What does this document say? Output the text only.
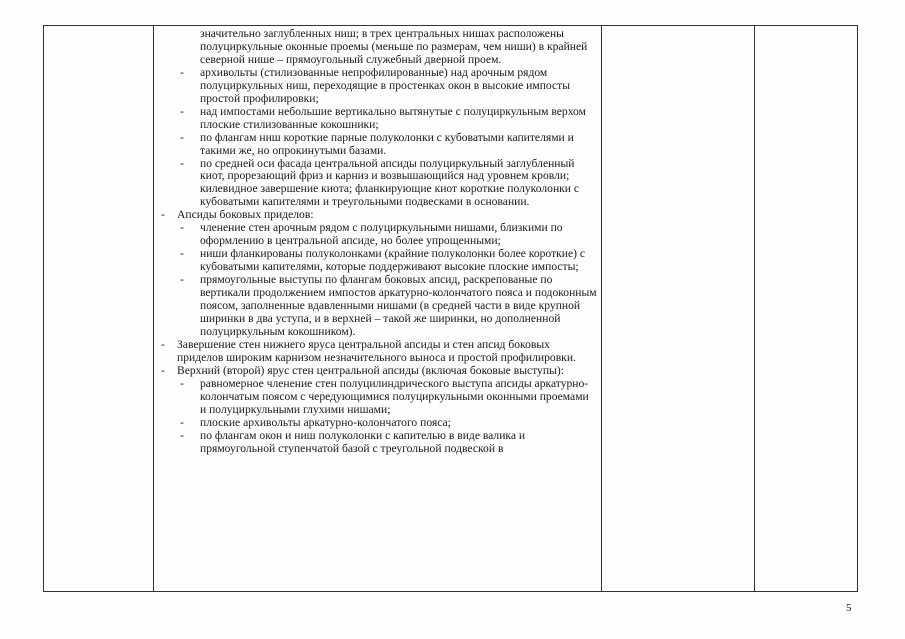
значительно заглубленных ниш; в трех центральных нишах расположены полуциркульные оконные проемы (меньше по размерам, чем ниши) в крайней северной нише – прямоугольный служебный дверной проем.
- архивольты (стилизованные непрофилированные) над арочным рядом полуциркульных ниш, переходящие в простенках окон в высокие импосты простой профилировки;
- над импостами небольшие вертикально вытянутые с полуциркульным верхом плоские стилизованные кокошники;
- по флангам ниш короткие парные полуколонки с кубоватыми капителями и такими же, но опрокинутыми базами.
- по средней оси фасада центральной апсиды полуциркульный заглубленный киот, прорезающий фриз и карниз и возвышающийся над уровнем кровли; килевидное завершение киота; фланкирующие киот короткие полуколонки с кубоватыми капителями и треугольными подвесками в основании.
- Апсиды боковых приделов:
- членение стен арочным рядом с полуциркульными нишами, близкими по оформлению в центральной апсиде, но более упрощенными;
- ниши фланкированы полуколонками (крайние полуколонки более короткие) с кубоватыми капителями, которые поддерживают высокие плоские импосты;
- прямоугольные выступы по флангам боковых апсид, раскрепованые по вертикали продолжением импостов аркатурно-колончатого пояса и подоконным поясом, заполненные вдавленными нишами (в средней части в виде крупной ширинки в два уступа, и в верхней – такой же ширинки, но дополненной полуциркульным кокошником).
- Завершение стен нижнего яруса центральной апсиды и стен апсид боковых приделов широким карнизом незначительного выноса и простой профилировки.
- Верхний (второй) ярус стен центральной апсиды (включая боковые выступы):
- равномерное членение стен полуцилиндрического выступа апсиды аркатурно-колончатым поясом с чередующимися полуциркульными оконными проемами и полуциркульными глухими нишами;
- плоские архивольты аркатурно-колончатого пояса;
- по флангам окон и ниш полуколонки с капителью в виде валика и прямоугольной ступенчатой базой с треугольной подвеской в
5
